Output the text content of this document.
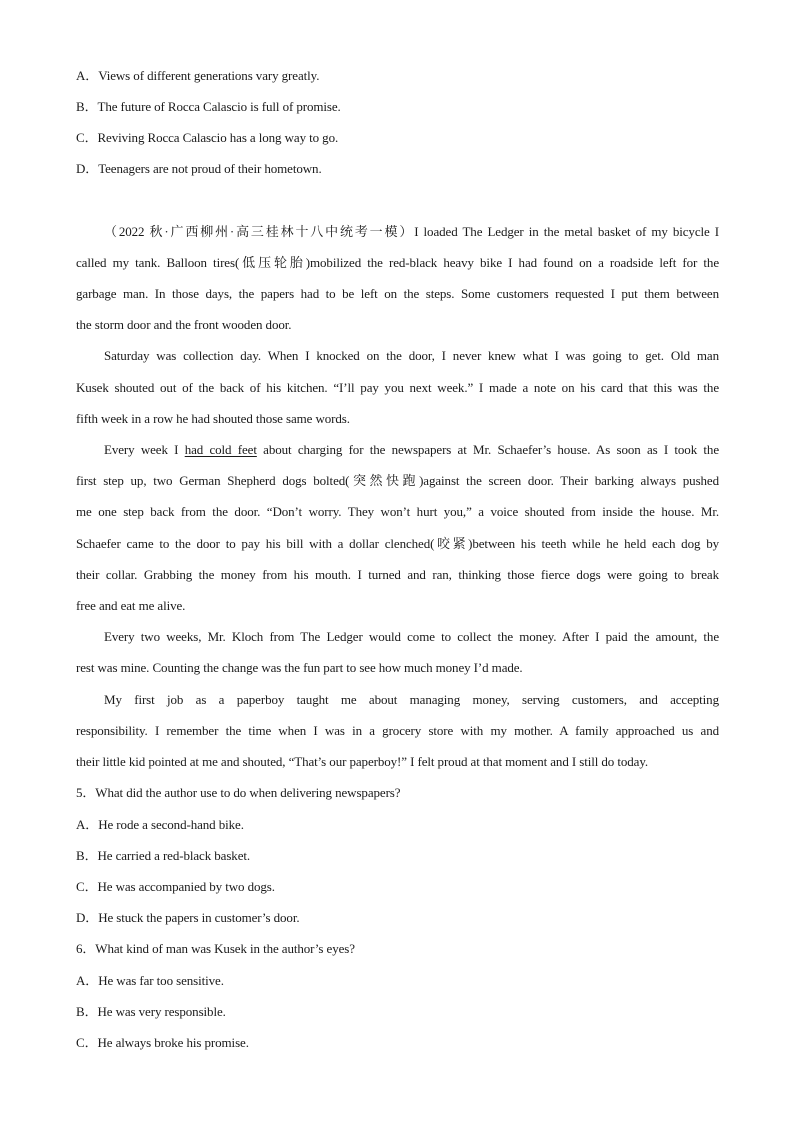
A．Views of different generations vary greatly.

B．The future of Rocca Calascio is full of promise.

C．Reviving Rocca Calascio has a long way to go.

D．Teenagers are not proud of their hometown.

（2022 秋·广西柳州·高三桂林十八中统考一模）I loaded The Ledger in the metal basket of my bicycle I

called my tank. Balloon tires(低压轮胎)mobilized the red-black heavy bike I had found on a roadside left for the

garbage man. In those days, the papers had to be left on the steps. Some customers requested I put them between

the storm door and the front wooden door.

Saturday was collection day. When I knocked on the door, I never knew what I was going to get. Old man

Kusek shouted out of the back of his kitchen. “I’ll pay you next week.” I made a note on his card that this was the

fifth week in a row he had shouted those same words.

Every week I had cold feet about charging for the newspapers at Mr. Schaefer’s house. As soon as I took the

first step up, two German Shepherd dogs bolted(突然快跑)against the screen door. Their barking always pushed

me one step back from the door. “Don’t worry. They won’t hurt you,” a voice shouted from inside the house. Mr.

Schaefer came to the door to pay his bill with a dollar clenched(咬紧)between his teeth while he held each dog by

their collar. Grabbing the money from his mouth. I turned and ran, thinking those fierce dogs were going to break

free and eat me alive.

Every two weeks, Mr. Kloch from The Ledger would come to collect the money. After I paid the amount, the

rest was mine. Counting the change was the fun part to see how much money I’d made.

My first job as a paperboy taught me about managing money, serving customers, and accepting

responsibility. I remember the time when I was in a grocery store with my mother. A family approached us and

their little kid pointed at me and shouted, “That’s our paperboy!” I felt proud at that moment and I still do today.

5．What did the author use to do when delivering newspapers?

A．He rode a second-hand bike.

B．He carried a red-black basket.

C．He was accompanied by two dogs.

D．He stuck the papers in customer’s door.

6．What kind of man was Kusek in the author’s eyes?

A．He was far too sensitive.

B．He was very responsible.

C．He always broke his promise.
